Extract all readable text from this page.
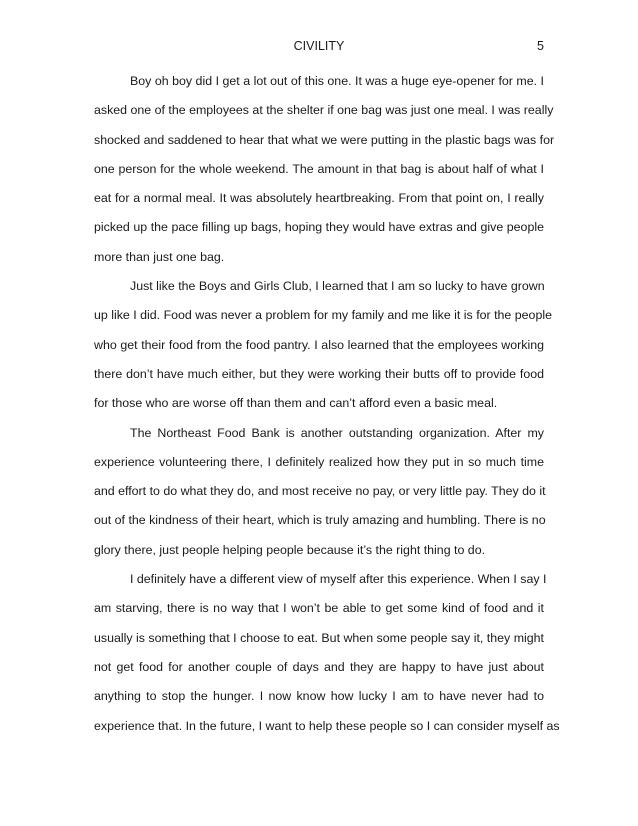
CIVILITY	5
Boy oh boy did I get a lot out of this one. It was a huge eye-opener for me. I
asked one of the employees at the shelter if one bag was just one meal. I was really
shocked and saddened to hear that what we were putting in the plastic bags was for
one person for the whole weekend. The amount in that bag is about half of what I
eat for a normal meal. It was absolutely heartbreaking. From that point on, I really
picked up the pace filling up bags, hoping they would have extras and give people
more than just one bag.
Just like the Boys and Girls Club, I learned that I am so lucky to have grown
up like I did. Food was never a problem for my family and me like it is for the people
who get their food from the food pantry. I also learned that the employees working
there don’t have much either, but they were working their butts off to provide food
for those who are worse off than them and can’t afford even a basic meal.
The Northeast Food Bank is another outstanding organization. After my
experience volunteering there, I definitely realized how they put in so much time
and effort to do what they do, and most receive no pay, or very little pay. They do it
out of the kindness of their heart, which is truly amazing and humbling. There is no
glory there, just people helping people because it’s the right thing to do.
I definitely have a different view of myself after this experience. When I say I
am starving, there is no way that I won’t be able to get some kind of food and it
usually is something that I choose to eat. But when some people say it, they might
not get food for another couple of days and they are happy to have just about
anything to stop the hunger. I now know how lucky I am to have never had to
experience that. In the future, I want to help these people so I can consider myself as
